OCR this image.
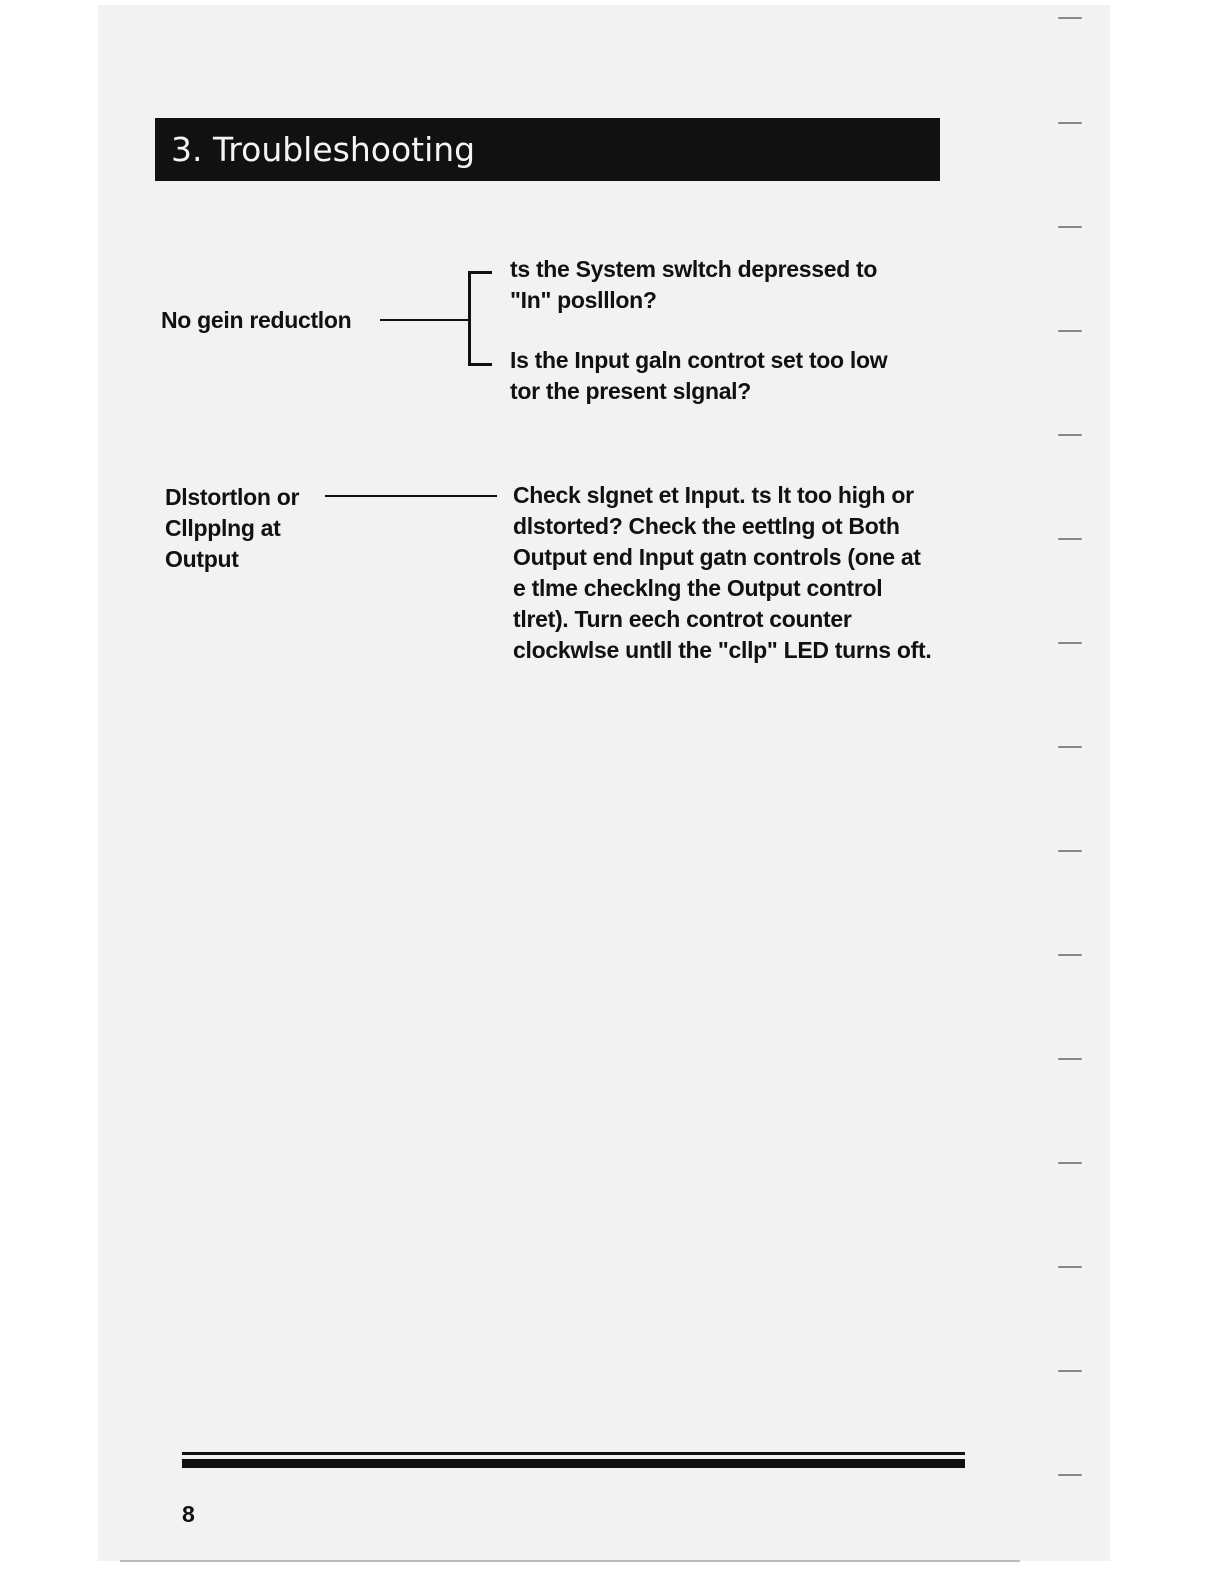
3. Troubleshooting
No gein reductlon
ts the System swltch depressed to
"In" poslllon?
Is the Input galn controt set too low
tor the present slgnal?
Dlstortlon or
Cllpplng at
Output
Check slgnet et Input. ts lt too high or
dlstorted? Check the eettlng ot Both
Output end Input gatn controls (one at
e tlme checklng the Output control
tlret). Turn eech controt counter
clockwlse untll the "cllp" LED turns oft.
8
